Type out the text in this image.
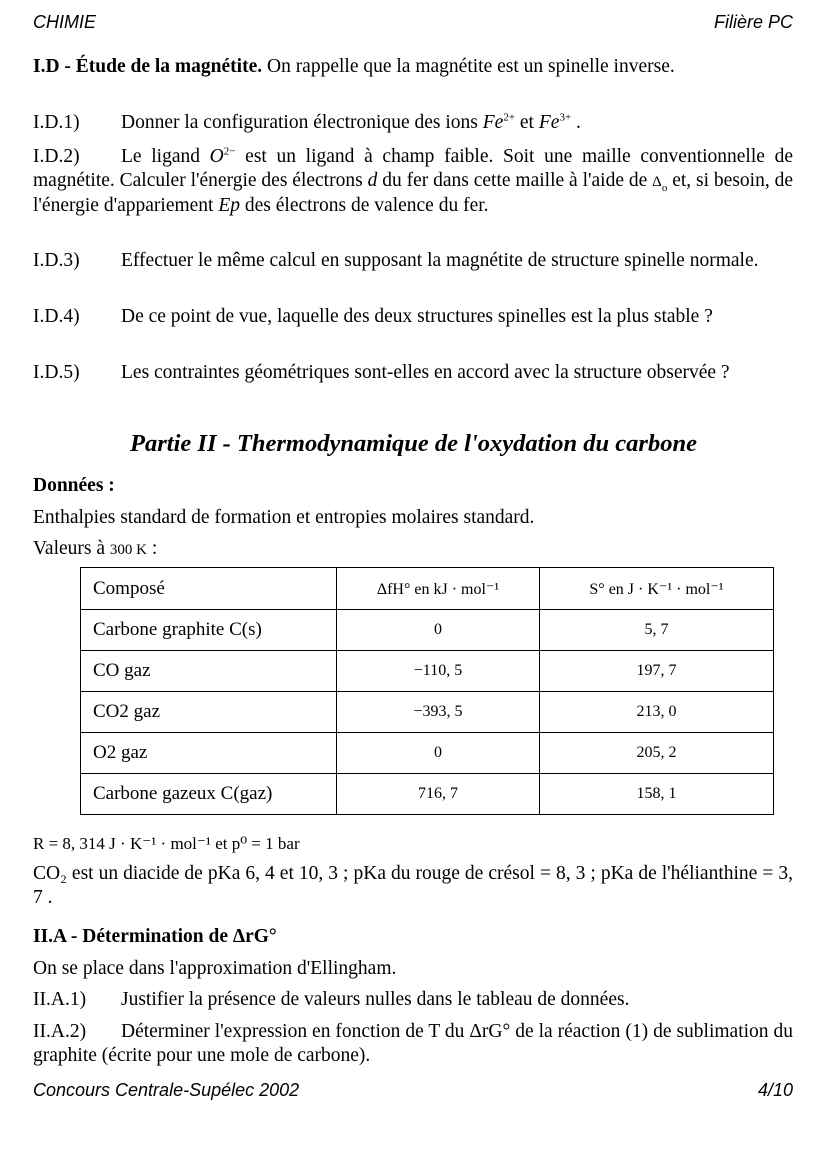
CHIMIE	Filière PC
I.D - Étude de la magnétite. On rappelle que la magnétite est un spinelle inverse.
I.D.1) Donner la configuration électronique des ions $Fe^{2+}$ et $Fe^{3+}$ .
I.D.2) Le ligand $O^{2-}$ est un ligand à champ faible. Soit une maille conventionnelle de magnétite. Calculer l'énergie des électrons d du fer dans cette maille à l'aide de $\Delta_o$ et, si besoin, de l'énergie d'appariement Ep des électrons de valence du fer.
I.D.3) Effectuer le même calcul en supposant la magnétite de structure spinelle normale.
I.D.4) De ce point de vue, laquelle des deux structures spinelles est la plus stable ?
I.D.5) Les contraintes géométriques sont-elles en accord avec la structure observée ?
Partie II - Thermodynamique de l'oxydation du carbone
Données :
Enthalpies standard de formation et entropies molaires standard.
Valeurs à 300 K :
Composé	ΔfH° en kJ · mol⁻¹	S° en J · K⁻¹ · mol⁻¹
Carbone graphite C(s)	0	5, 7
CO gaz	−110, 5	197, 7
CO2 gaz	−393, 5	213, 0
O2 gaz	0	205, 2
Carbone gazeux C(gaz)	716, 7	158, 1
R = 8, 314 J · K⁻¹ · mol⁻¹ et p⁰ = 1 bar
CO₂ est un diacide de pKa 6, 4 et 10, 3 ; pKa du rouge de crésol = 8, 3 ; pKa de l'hélianthine = 3, 7 .
II.A - Détermination de ΔrG°
On se place dans l'approximation d'Ellingham.
II.A.1) Justifier la présence de valeurs nulles dans le tableau de données.
II.A.2) Déterminer l'expression en fonction de T du ΔrG° de la réaction (1) de sublimation du graphite (écrite pour une mole de carbone).
Concours Centrale-Supélec 2002	4/10
